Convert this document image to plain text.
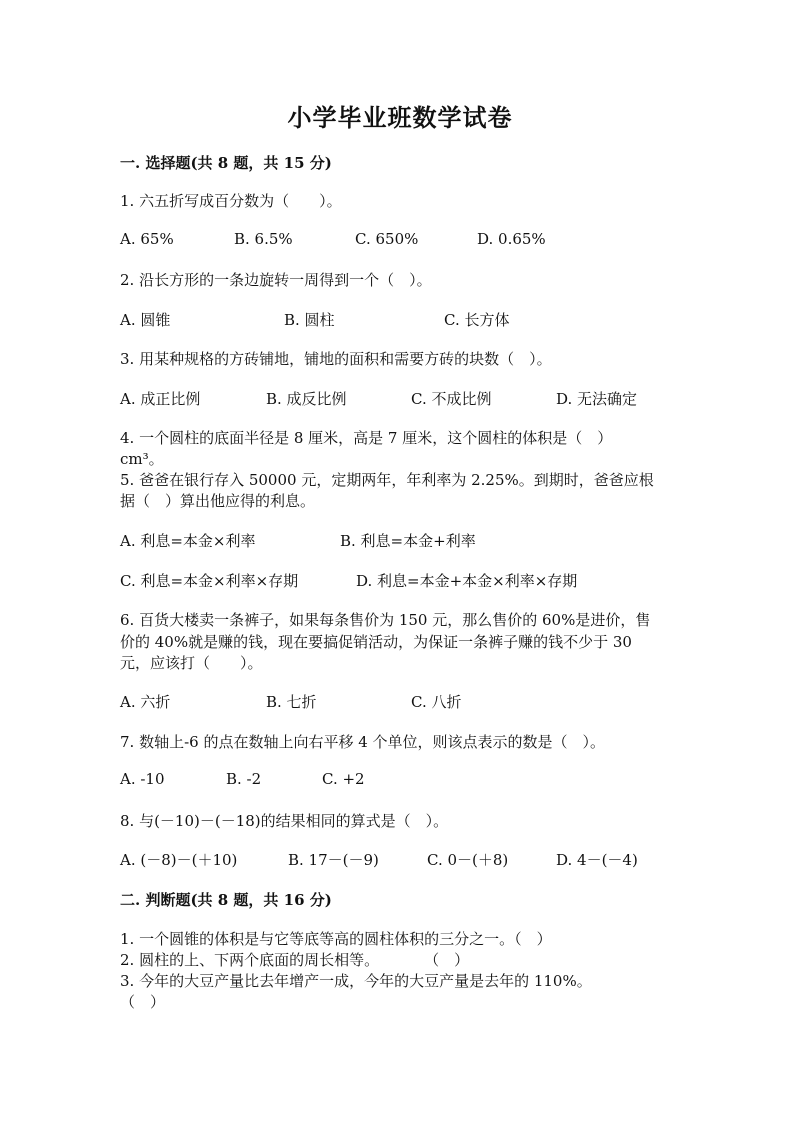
小学毕业班数学试卷
一. 选择题(共 8 题，共 15 分)
1. 六五折写成百分数为（　　）。
A. 65%	B. 6.5%	C. 650%	D. 0.65%
2. 沿长方形的一条边旋转一周得到一个（　）。
A. 圆锥	B. 圆柱	C. 长方体
3. 用某种规格的方砖铺地，铺地的面积和需要方砖的块数（　）。
A. 成正比例	B. 成反比例	C. 不成比例	D. 无法确定
4. 一个圆柱的底面半径是 8 厘米，高是 7 厘米，这个圆柱的体积是（　）
cm³。
5. 爸爸在银行存入 50000 元，定期两年，年利率为 2.25%。到期时，爸爸应根
据（　）算出他应得的利息。
A. 利息=本金×利率	B. 利息=本金+利率
C. 利息=本金×利率×存期	D. 利息=本金+本金×利率×存期
6. 百货大楼卖一条裤子，如果每条售价为 150 元，那么售价的 60%是进价，售
价的 40%就是赚的钱，现在要搞促销活动，为保证一条裤子赚的钱不少于 30
元，应该打（　　）。
A. 六折	B. 七折	C. 八折
7. 数轴上-6 的点在数轴上向右平移 4 个单位，则该点表示的数是（　）。
A. -10	B. -2	C. +2
8. 与(－10)－(－18)的结果相同的算式是（　）。
A. (－8)－(＋10)	B. 17－(－9)	C. 0－(＋8)	D. 4－(－4)
二. 判断题(共 8 题，共 16 分)
1. 一个圆锥的体积是与它等底等高的圆柱体积的三分之一。（　）
2. 圆柱的上、下两个底面的周长相等。　　　　（　）
3. 今年的大豆产量比去年增产一成，今年的大豆产量是去年的 110%。
（　）
